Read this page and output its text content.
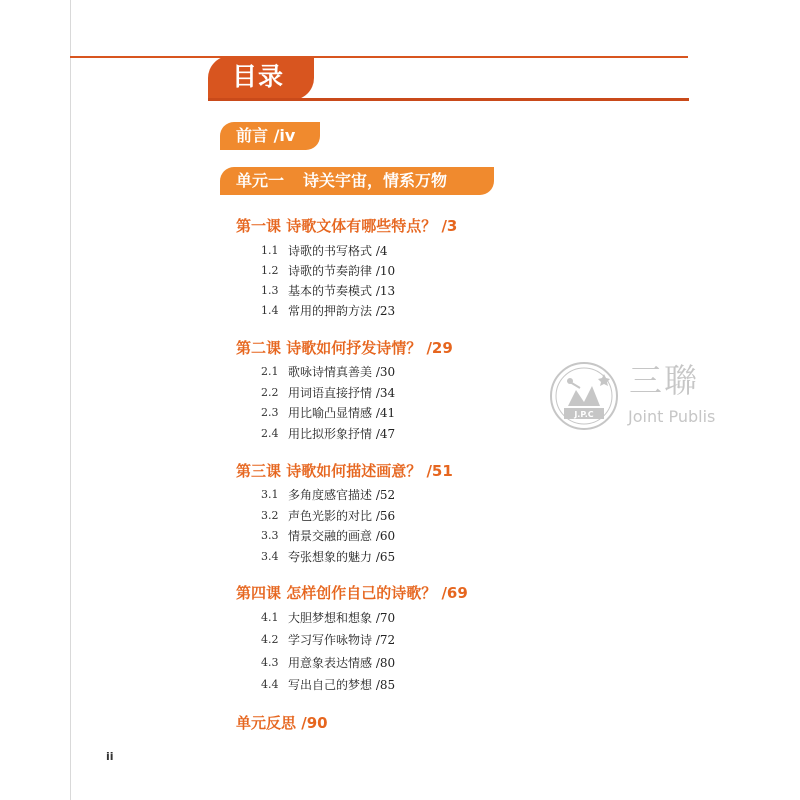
目录
前言 /iv
单元一 诗关宇宙，情系万物
第一课 诗歌文体有哪些特点？ /3
1.1 诗歌的书写格式 /4
1.2 诗歌的节奏韵律 /10
1.3 基本的节奏模式 /13
1.4 常用的押韵方法 /23
第二课 诗歌如何抒发诗情？ /29
2.1 歌咏诗情真善美 /30
2.2 用词语直接抒情 /34
2.3 用比喻凸显情感 /41
2.4 用比拟形象抒情 /47
第三课 诗歌如何描述画意？ /51
3.1 多角度感官描述 /52
3.2 声色光影的对比 /56
3.3 情景交融的画意 /60
3.4 夸张想象的魅力 /65
第四课 怎样创作自己的诗歌？ /69
4.1 大胆梦想和想象 /70
4.2 学习写作咏物诗 /72
4.3 用意象表达情感 /80
4.4 写出自己的梦想 /85
单元反思 /90
ii
J.P.C
三聯
Joint Publis
